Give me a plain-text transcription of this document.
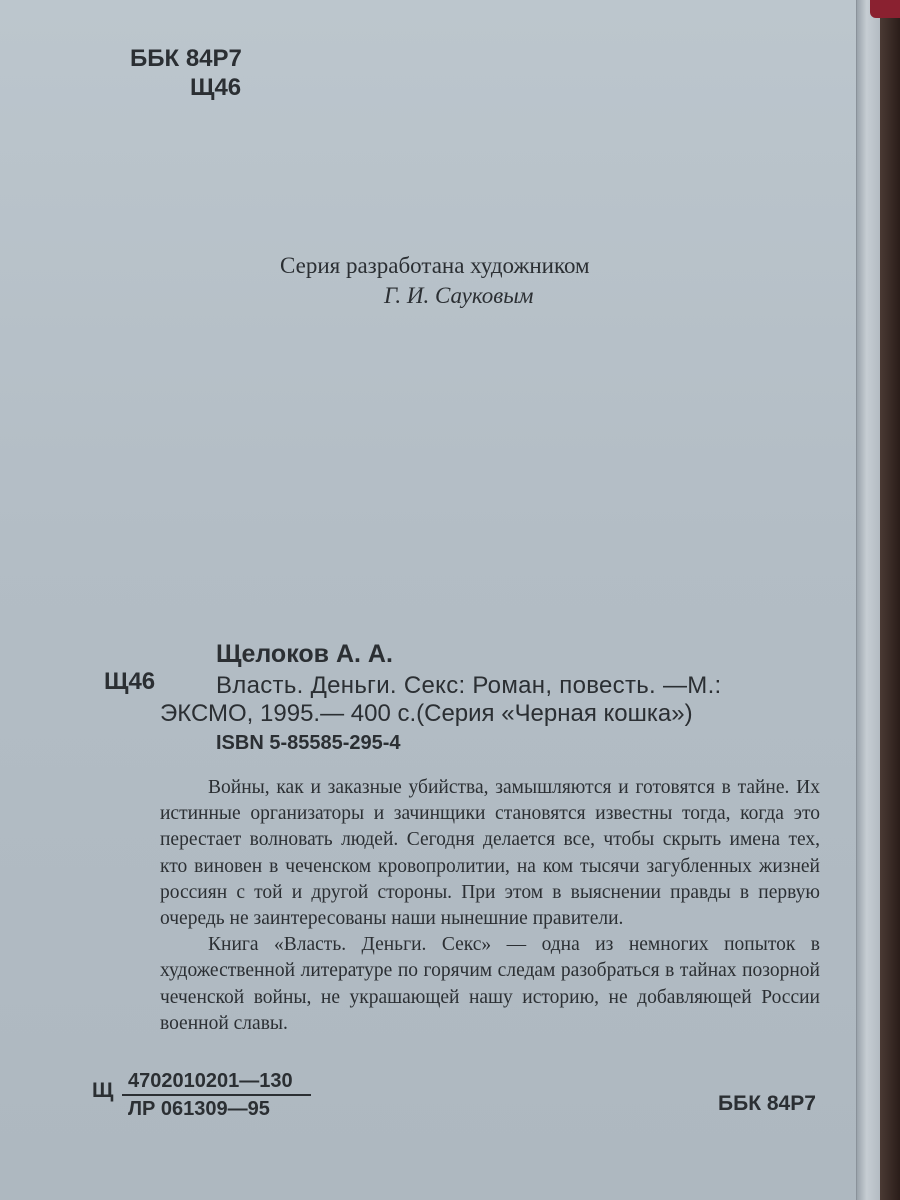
ББК 84Р7
Щ46
Серия разработана художником
Г. И. Сауковым
Щелоков А. А.
Щ46	Власть. Деньги. Секс: Роман, повесть. —М.:
ЭКСМО, 1995.— 400 с.(Серия «Черная кошка»)
ISBN 5-85585-295-4

Войны, как и заказные убийства, замышляются и готовятся в тайне. Их истинные организаторы и зачинщики становятся известны тогда, когда это перестает волновать людей. Сегодня делается все, чтобы скрыть имена тех, кто виновен в чеченском кровопролитии, на ком тысячи загубленных жизней россиян с той и другой стороны. При этом в выяснении правды в первую очередь не заинтересованы наши нынешние правители.

Книга «Власть. Деньги. Секс» — одна из немногих попыток в художественной литературе по горячим следам разобраться в тайнах позорной чеченской войны, не украшающей нашу историю, не добавляющей России военной славы.

Щ 4702010201—130
ЛР 061309—95	ББК 84Р7
